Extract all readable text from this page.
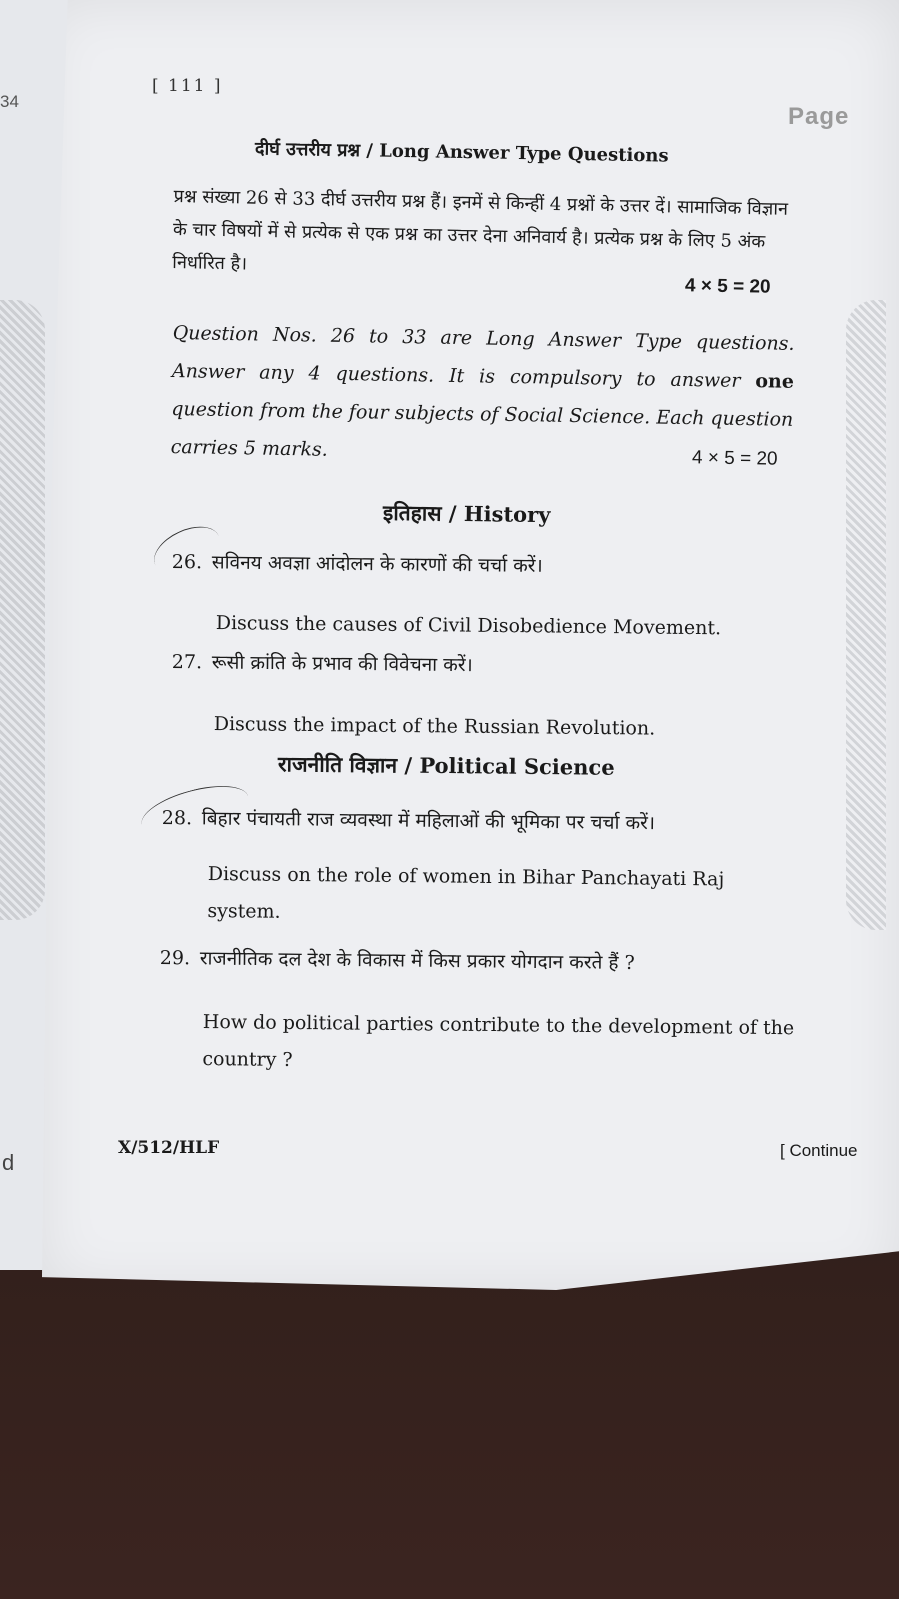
34
d
[ 111 ]
Page
दीर्घ उत्तरीय प्रश्न / Long Answer Type Questions
प्रश्न संख्या 26 से 33 दीर्घ उत्तरीय प्रश्न हैं। इनमें से किन्हीं 4 प्रश्नों के उत्तर दें। सामाजिक विज्ञान के चार विषयों में से प्रत्येक से एक प्रश्न का उत्तर देना अनिवार्य है। प्रत्येक प्रश्न के लिए 5 अंक निर्धारित है।
4 × 5 = 20
Question Nos. 26 to 33 are Long Answer Type questions. Answer any 4 questions. It is compulsory to answer one question from the four subjects of Social Science. Each question carries 5 marks.	4 × 5 = 20
इतिहास / History
26. सविनय अवज्ञा आंदोलन के कारणों की चर्चा करें।
Discuss the causes of Civil Disobedience Movement.
27. रूसी क्रांति के प्रभाव की विवेचना करें।
Discuss the impact of the Russian Revolution.
राजनीति विज्ञान / Political Science
28. बिहार पंचायती राज व्यवस्था में महिलाओं की भूमिका पर चर्चा करें।
Discuss on the role of women in Bihar Panchayati Raj system.
29. राजनीतिक दल देश के विकास में किस प्रकार योगदान करते हैं ?
How do political parties contribute to the development of the country ?
X/512/HLF	[ Continue
